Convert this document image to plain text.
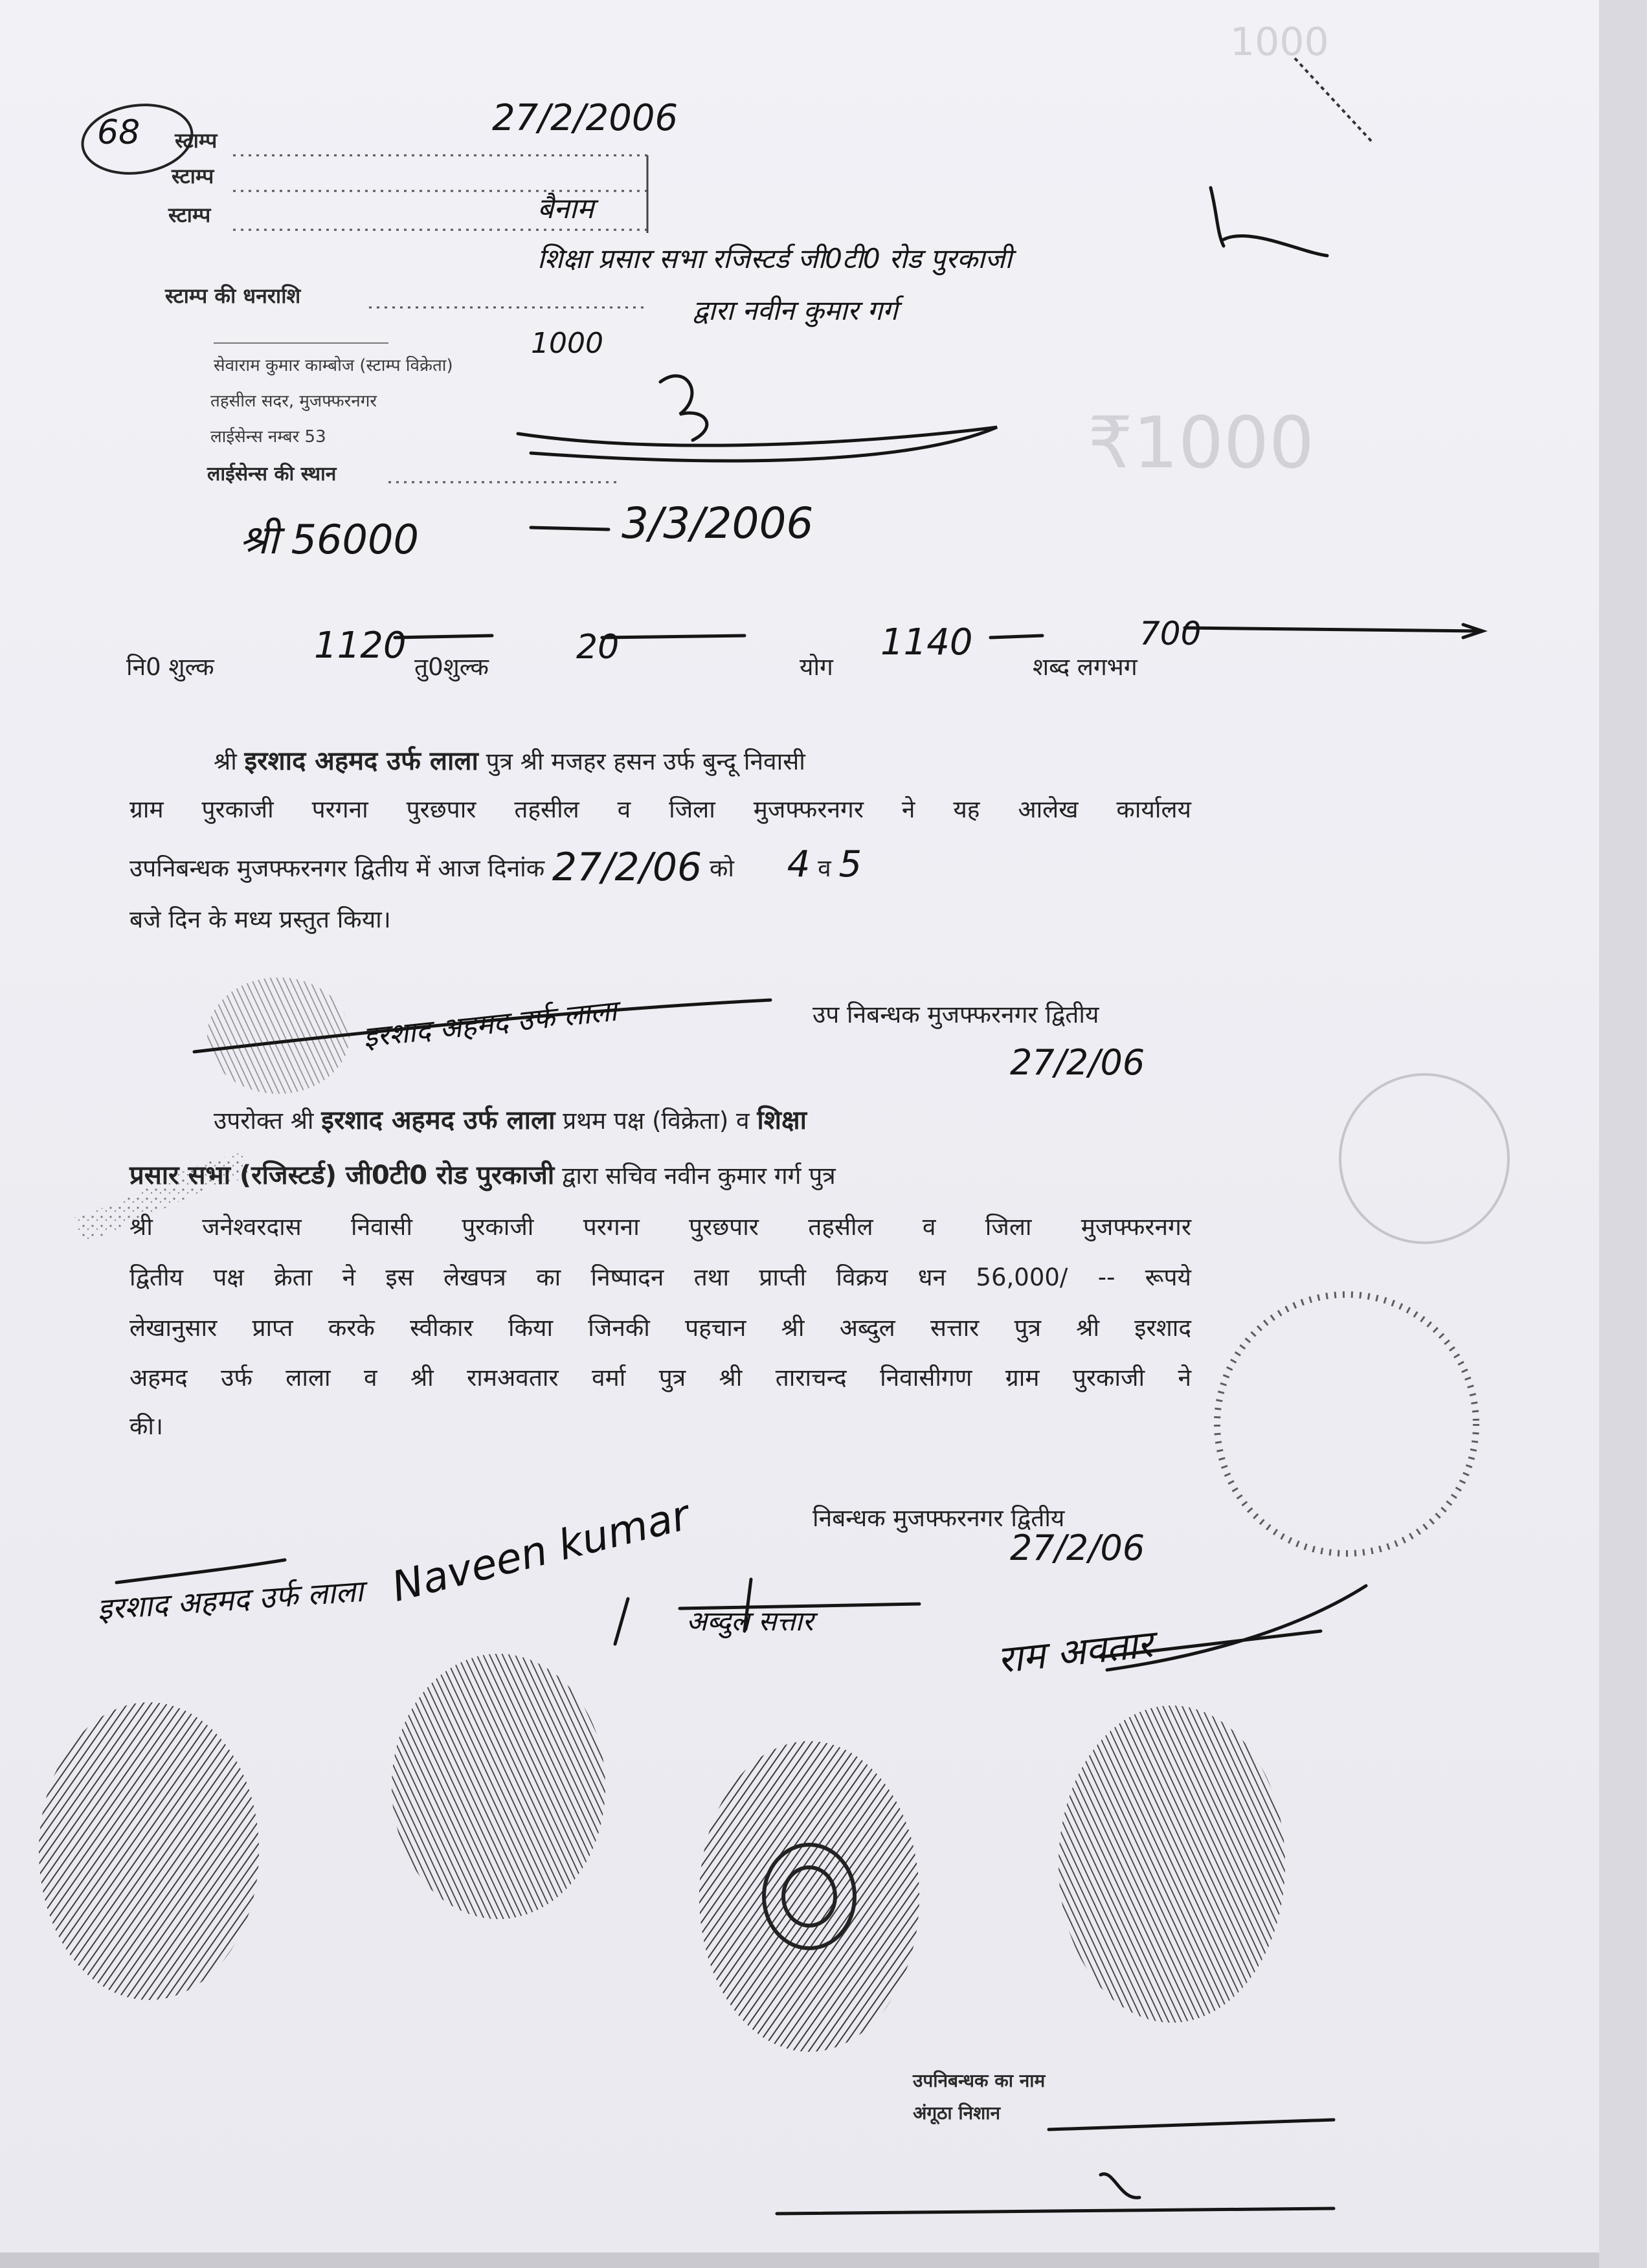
1000
₹1000
68	27/2/2006
स्टाम्प
स्टाम्प
स्टाम्प
स्टाम्प की धनराशि
सेवाराम कुमार काम्बोज (स्टाम्प विक्रेता)
तहसील सदर, मुजफ्फरनगर
लाईसेन्स नम्बर 53
लाईसेन्स की स्थान
बैनाम
शिक्षा प्रसार सभा रजिस्टर्ड जी0टी0 रोड पुरकाजी
द्वारा नवीन कुमार गर्ग
1000
श्री 56000	3/3/2006
नि0 शुल्क
1120
तु0शुल्क
20
योग
1140
शब्द लगभग
700
श्री इरशाद अहमद उर्फ लाला पुत्र श्री मजहर हसन उर्फ बुन्दू निवासी
ग्राम पुरकाजी परगना पुरछपार तहसील व जिला मुजफ्फरनगर ने यह आलेख कार्यालय
उपनिबन्धक मुजफ्फरनगर द्वितीय में आज दिनांक 27/2/06 को 4 व 5
बजे दिन के मध्य प्रस्तुत किया।
उप निबन्धक मुजफ्फरनगर द्वितीय
27/2/06
इरशाद अहमद उर्फ लाला
उपरोक्त श्री इरशाद अहमद उर्फ लाला प्रथम पक्ष (विक्रेता) व शिक्षा
प्रसार सभा (रजिस्टर्ड) जी0टी0 रोड पुरकाजी द्वारा सचिव नवीन कुमार गर्ग पुत्र
श्री जनेश्वरदास निवासी पुरकाजी परगना पुरछपार तहसील व जिला मुजफ्फरनगर
द्वितीय पक्ष क्रेता ने इस लेखपत्र का निष्पादन तथा प्राप्ती विक्रय धन 56,000/ -- रूपये
लेखानुसार प्राप्त करके स्वीकार किया जिनकी पहचान श्री अब्दुल सत्तार पुत्र श्री इरशाद
अहमद उर्फ लाला व श्री रामअवतार वर्मा पुत्र श्री ताराचन्द निवासीगण ग्राम पुरकाजी ने
की।
निबन्धक मुजफ्फरनगर द्वितीय
27/2/06
इरशाद अहमद उर्फ लाला Naveen kumar
अब्दुल सत्तार
राम अवतार
उपनिबन्धक का नाम
अंगूठा निशान
